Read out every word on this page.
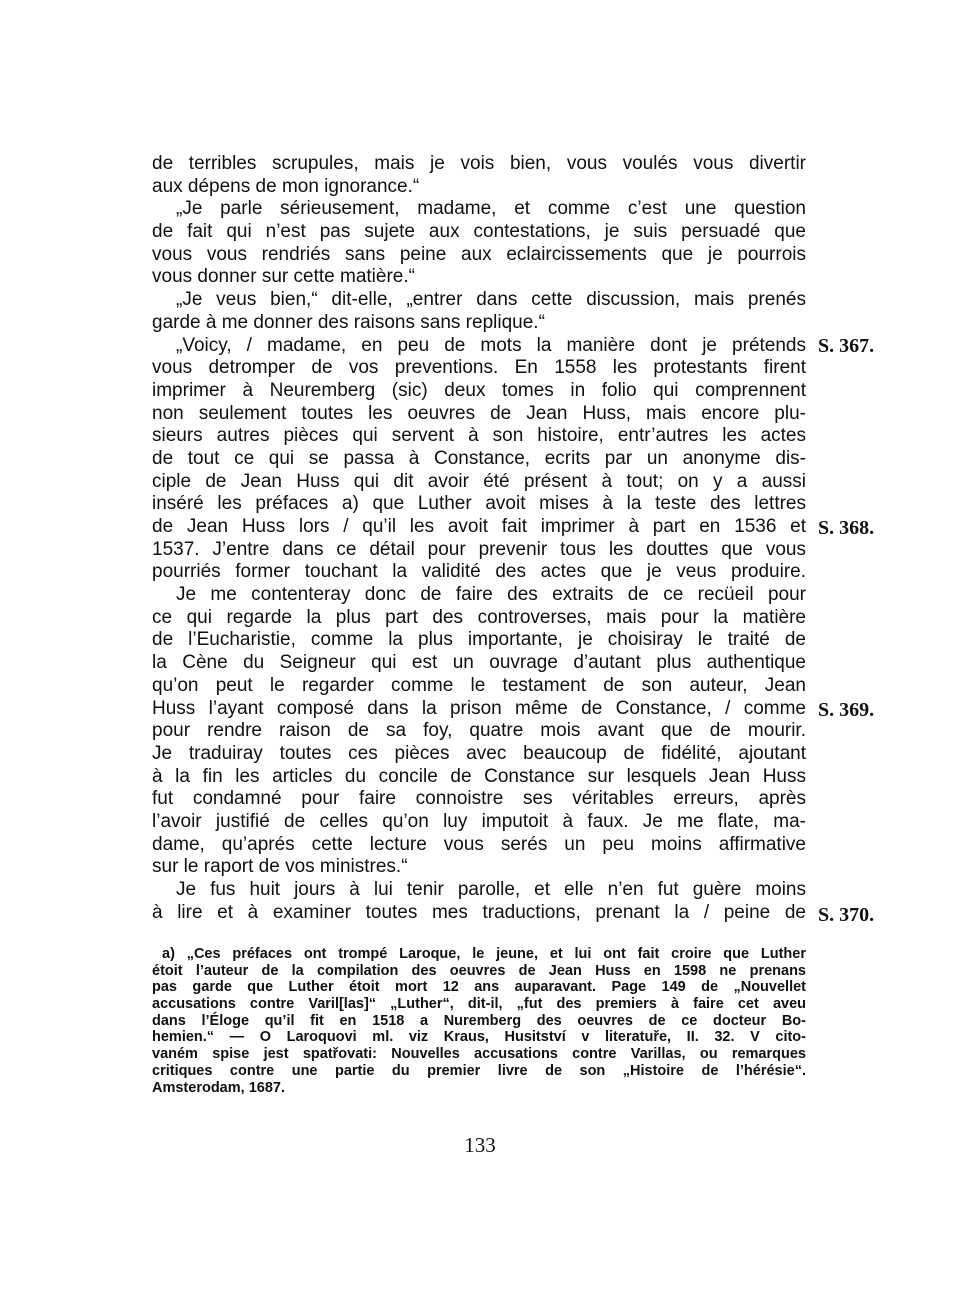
de terribles scrupules, mais je vois bien, vous voulés vous divertir
aux dépens de mon ignorance.“
„Je parle sérieusement, madame, et comme c’est une question
de fait qui n’est pas sujete aux contestations, je suis persuadé que
vous vous rendriés sans peine aux eclaircissements que je pourrois
vous donner sur cette matière.“
„Je veus bien,“ dit-elle, „entrer dans cette discussion, mais prenés
garde à me donner des raisons sans replique.“
„Voicy, / madame, en peu de mots la manière dont je prétends
vous detromper de vos preventions. En 1558 les protestants firent
imprimer à Neuremberg (sic) deux tomes in folio qui comprennent
non seulement toutes les oeuvres de Jean Huss, mais encore plu-
sieurs autres pièces qui servent à son histoire, entr’autres les actes
de tout ce qui se passa à Constance, ecrits par un anonyme dis-
ciple de Jean Huss qui dit avoir été présent à tout; on y a aussi
inséré les préfaces a) que Luther avoit mises à la teste des lettres
de Jean Huss lors / qu’il les avoit fait imprimer à part en 1536 et
1537. J’entre dans ce détail pour prevenir tous les douttes que vous
pourriés former touchant la validité des actes que je veus produire.
Je me contenteray donc de faire des extraits de ce recüeil pour
ce qui regarde la plus part des controverses, mais pour la matière
de l’Eucharistie, comme la plus importante, je choisiray le traité de
la Cène du Seigneur qui est un ouvrage d’autant plus authentique
qu’on peut le regarder comme le testament de son auteur, Jean
Huss l’ayant composé dans la prison même de Constance, / comme
pour rendre raison de sa foy, quatre mois avant que de mourir.
Je traduiray toutes ces pièces avec beaucoup de fidélité, ajoutant
à la fin les articles du concile de Constance sur lesquels Jean Huss
fut condamné pour faire connoistre ses véritables erreurs, après
l’avoir justifié de celles qu’on luy imputoit à faux. Je me flate, ma-
dame, qu’aprés cette lecture vous serés un peu moins affirmative
sur le raport de vos ministres.“
Je fus huit jours à lui tenir parolle, et elle n’en fut guère moins
à lire et à examiner toutes mes traductions, prenant la / peine de
S. 367.
S. 368.
S. 369.
S. 370.
a) „Ces préfaces ont trompé Laroque, le jeune, et lui ont fait croire que Luther
étoit l’auteur de la compilation des oeuvres de Jean Huss en 1598 ne prenans
pas garde que Luther étoit mort 12 ans auparavant. Page 149 de „Nouvellet
accusations contre Varil[las]“ „Luther“, dit-il, „fut des premiers à faire cet aveu
dans l’Éloge qu’il fit en 1518 a Nuremberg des oeuvres de ce docteur Bo-
hemien.“ — O Laroquovi ml. viz Kraus, Husitství v literatuře, II. 32. V cito-
vaném spise jest spatřovati: Nouvelles accusations contre Varillas, ou remarques
critiques contre une partie du premier livre de son „Histoire de l’hérésie“.
Amsterodam, 1687.
133
